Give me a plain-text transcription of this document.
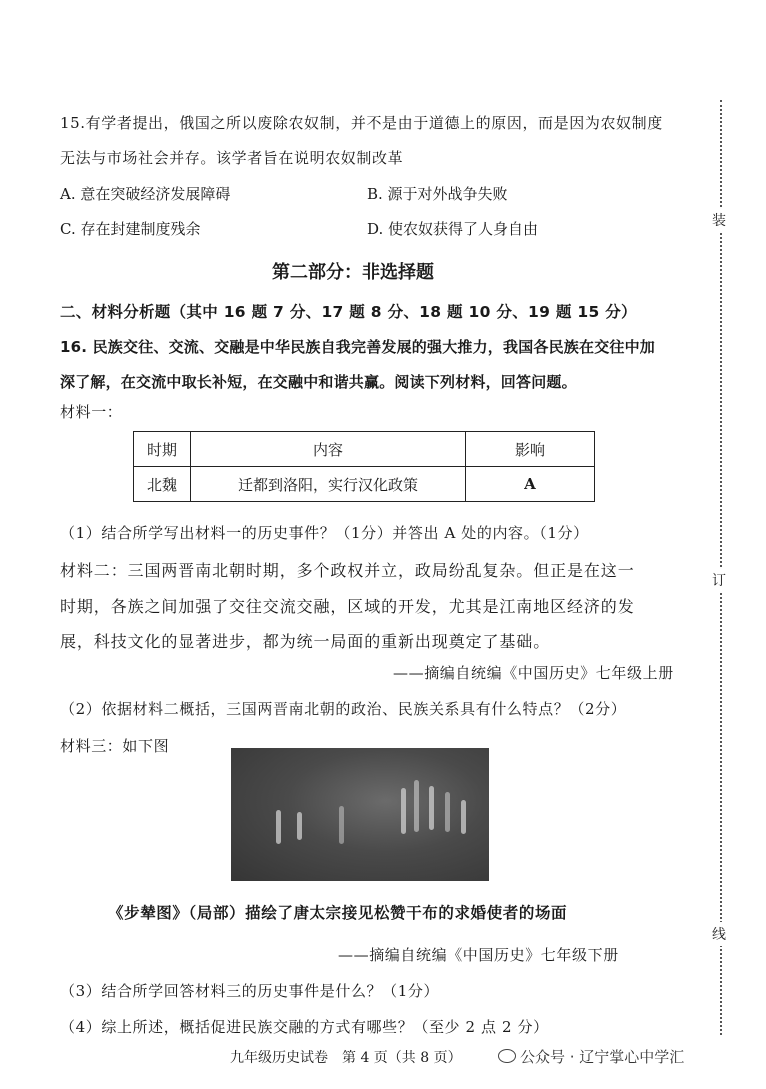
15.有学者提出，俄国之所以废除农奴制，并不是由于道德上的原因，而是因为农奴制度
无法与市场社会并存。该学者旨在说明农奴制改革
A. 意在突破经济发展障碍	B. 源于对外战争失败
C. 存在封建制度残余	D. 使农奴获得了人身自由
第二部分：非选择题
二、材料分析题（其中 16 题 7 分、17 题 8 分、18 题 10 分、19 题 15 分）
16. 民族交往、交流、交融是中华民族自我完善发展的强大推力，我国各民族在交往中加
深了解，在交流中取长补短，在交融中和谐共赢。阅读下列材料，回答问题。
材料一：
时期	内容	影响
北魏	迁都到洛阳，实行汉化政策	A
（1）结合所学写出材料一的历史事件？（1分）并答出 A 处的内容。（1分）
材料二：三国两晋南北朝时期，多个政权并立，政局纷乱复杂。但正是在这一
时期，各族之间加强了交往交流交融，区域的开发，尤其是江南地区经济的发
展，科技文化的显著进步，都为统一局面的重新出现奠定了基础。
——摘编自统编《中国历史》七年级上册
（2）依据材料二概括，三国两晋南北朝的政治、民族关系具有什么特点？（2分）
材料三：如下图
《步辇图》（局部）描绘了唐太宗接见松赞干布的求婚使者的场面
——摘编自统编《中国历史》七年级下册
（3）结合所学回答材料三的历史事件是什么？（1分）
（4）综上所述，概括促进民族交融的方式有哪些？（至少 2 点 2 分）
装
订
线
九年级历史试卷　第 4 页（共 8 页）	公众号 · 辽宁掌心中学汇
